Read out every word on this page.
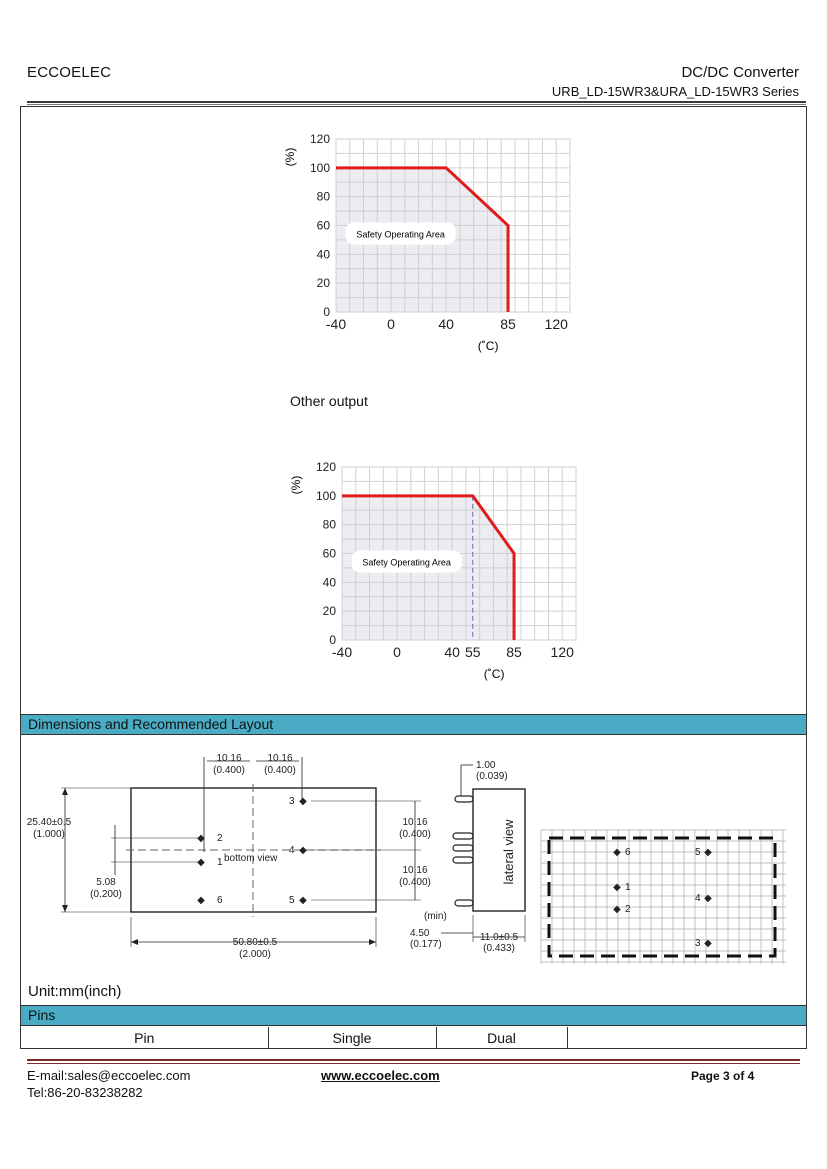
ECCOELEC	DC/DC Converter
URB_LD-15WR3&URA_LD-15WR3 Series
0
20
40
60
80
100
120
-40	0	40	85 120
(%)
(˚C)
Safety Operating Area
Other output
0
20
40
60
80
100
120
-40	0	40 55 85 120
(%)
(˚C)
Safety Operating Area
Dimensions and Recommended Layout
10.16
(0.400)
10.16
(0.400)
25.40±0.5
(1.000)
5.08
(0.200)
◆ 2
◆ 1
◆ 6
3 ◆
4 ◆
5 ◆
bottom view
10.16
(0.400)
10.16
(0.400)
50.80±0.5
(2.000)
lateral view
1.00
(0.039)
(min)
4.50
(0.177)
11.0±0.5
(0.433)
◆ 6
◆ 1
◆ 2
5 ◆
4 ◆
3 ◆
Unit:mm(inch)
Pins
Pin	Single	Dual	
E-mail:sales@eccoelec.com
Tel:86-20-83238282
www.eccoelec.com	Page 3 of 4
